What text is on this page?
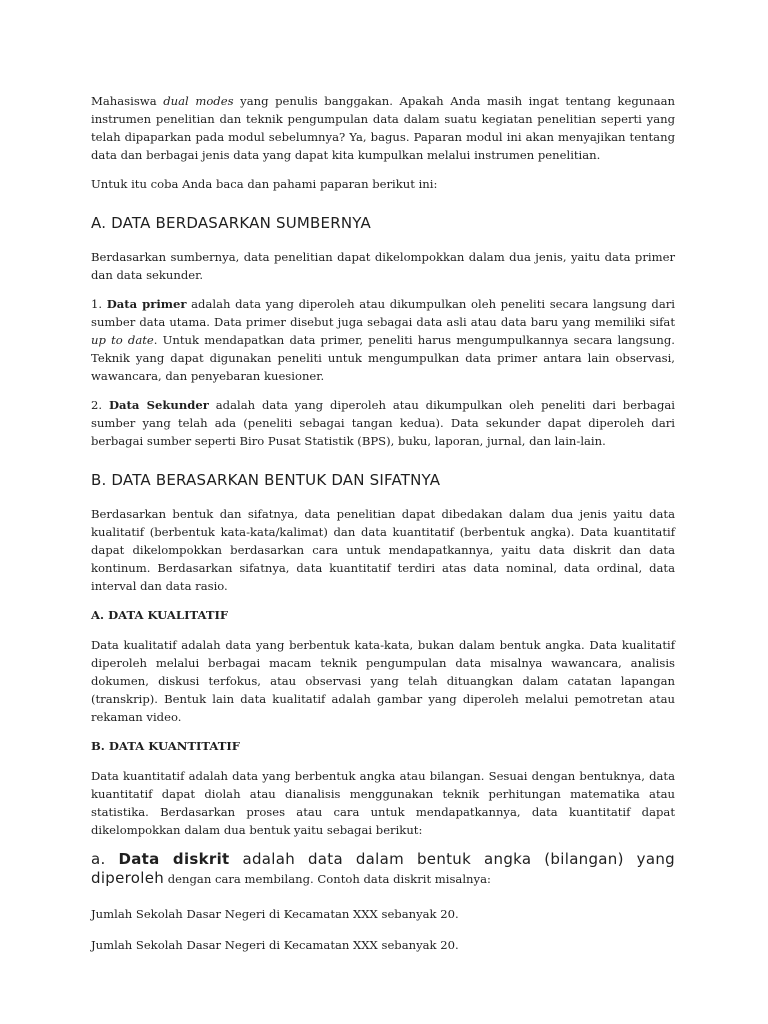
Mahasiswa dual modes yang penulis banggakan. Apakah Anda masih ingat tentang kegunaan instrumen penelitian dan teknik pengumpulan data dalam suatu kegiatan penelitian seperti yang telah dipaparkan pada modul sebelumnya? Ya, bagus. Paparan modul ini akan menyajikan tentang data dan berbagai jenis data yang dapat kita kumpulkan melalui instrumen penelitian.

Untuk itu coba Anda baca dan pahami paparan berikut ini:

A. DATA BERDASARKAN SUMBERNYA

Berdasarkan sumbernya, data penelitian dapat dikelompokkan dalam dua jenis, yaitu data primer dan data sekunder.

1. Data primer adalah data yang diperoleh atau dikumpulkan oleh peneliti secara langsung dari sumber data utama. Data primer disebut juga sebagai data asli atau data baru yang memiliki sifat up to date. Untuk mendapatkan data primer, peneliti harus mengumpulkannya secara langsung. Teknik yang dapat digunakan peneliti untuk mengumpulkan data primer antara lain observasi, wawancara, dan penyebaran kuesioner.

2. Data Sekunder adalah data yang diperoleh atau dikumpulkan oleh peneliti dari berbagai sumber yang telah ada (peneliti sebagai tangan kedua). Data sekunder dapat diperoleh dari berbagai sumber seperti Biro Pusat Statistik (BPS), buku, laporan, jurnal, dan lain-lain.

B. DATA BERASARKAN BENTUK DAN SIFATNYA

Berdasarkan bentuk dan sifatnya, data penelitian dapat dibedakan dalam dua jenis yaitu data kualitatif (berbentuk kata-kata/kalimat) dan data kuantitatif (berbentuk angka). Data kuantitatif dapat dikelompokkan berdasarkan cara untuk mendapatkannya, yaitu data diskrit dan data kontinum. Berdasarkan sifatnya, data kuantitatif terdiri atas data nominal, data ordinal, data interval dan data rasio.

A. DATA KUALITATIF

Data kualitatif adalah data yang berbentuk kata-kata, bukan dalam bentuk angka. Data kualitatif diperoleh melalui berbagai macam teknik pengumpulan data misalnya wawancara, analisis dokumen, diskusi terfokus, atau observasi yang telah dituangkan dalam catatan lapangan (transkrip). Bentuk lain data kualitatif adalah gambar yang diperoleh melalui pemotretan atau rekaman video.

B. DATA KUANTITATIF

Data kuantitatif adalah data yang berbentuk angka atau bilangan. Sesuai dengan bentuknya, data kuantitatif dapat diolah atau dianalisis menggunakan teknik perhitungan matematika atau statistika. Berdasarkan proses atau cara untuk mendapatkannya, data kuantitatif dapat dikelompokkan dalam dua bentuk yaitu sebagai berikut:

a. Data diskrit adalah data dalam bentuk angka (bilangan) yang diperoleh dengan cara membilang. Contoh data diskrit misalnya:

Jumlah Sekolah Dasar Negeri di Kecamatan XXX sebanyak 20.

Jumlah Sekolah Dasar Negeri di Kecamatan XXX sebanyak 20.
